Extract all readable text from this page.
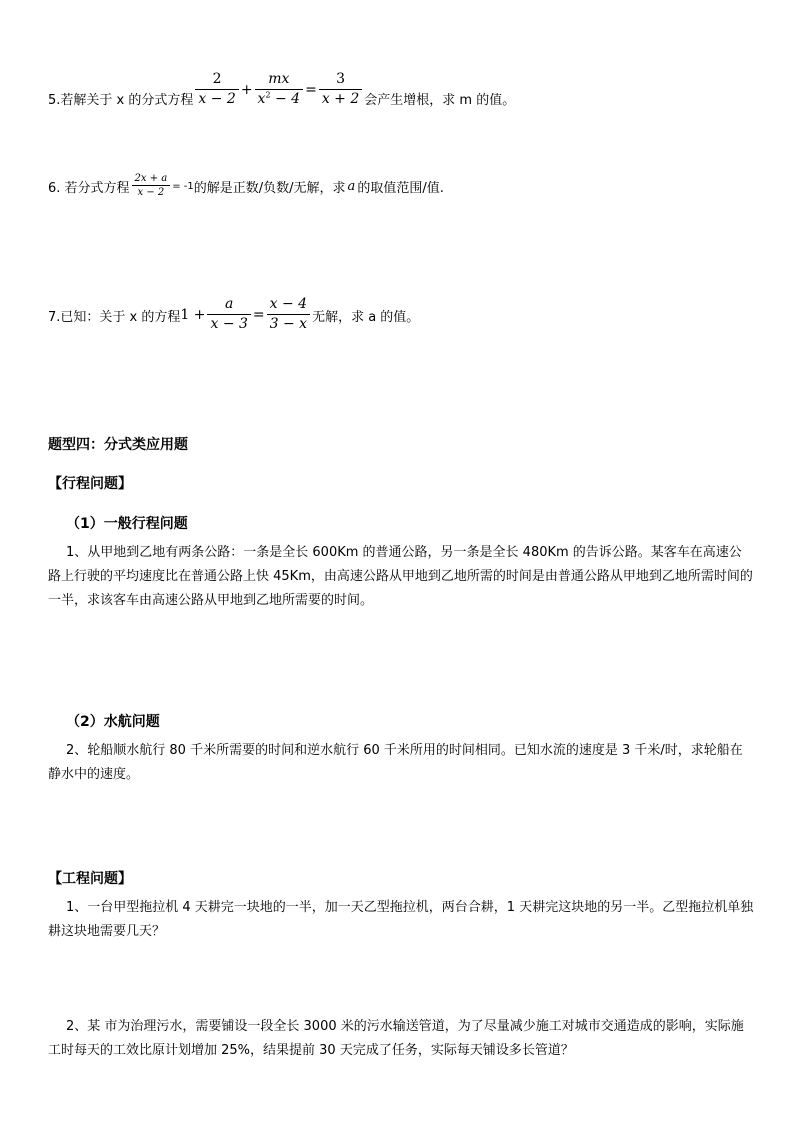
5.若解关于 x 的分式方程 $\frac{2}{x - 2} + \frac{mx}{x^2 - 4} = \frac{3}{x + 2}$ 会产生增根，求 m 的值。
6. 若分式方程 $\frac{2x + a}{x - 2} = -1$ 的解是正数/负数/无解，求 a 的取值范围/值.
7.已知：关于 x 的方程 $1 + \frac{a}{x - 3} = \frac{x - 4}{3 - x}$ 无解，求 a 的值。
题型四：分式类应用题
【行程问题】
（1）一般行程问题
1、从甲地到乙地有两条公路：一条是全长 600Km 的普通公路，另一条是全长 480Km 的告诉公路。某客车在高速公路上行驶的平均速度比在普通公路上快 45Km，由高速公路从甲地到乙地所需的时间是由普通公路从甲地到乙地所需时间的一半，求该客车由高速公路从甲地到乙地所需要的时间。
（2）水航问题
2、轮船顺水航行 80 千米所需要的时间和逆水航行 60 千米所用的时间相同。已知水流的速度是 3 千米/时，求轮船在静水中的速度。
【工程问题】
1、一台甲型拖拉机 4 天耕完一块地的一半，加一天乙型拖拉机，两台合耕，1 天耕完这块地的另一半。乙型拖拉机单独耕这块地需要几天？
2、某 市为治理污水，需要铺设一段全长 3000 米的污水输送管道，为了尽量减少施工对城市交通造成的影响，实际施工时每天的工效比原计划增加 25%，结果提前 30 天完成了任务，实际每天铺设多长管道？
